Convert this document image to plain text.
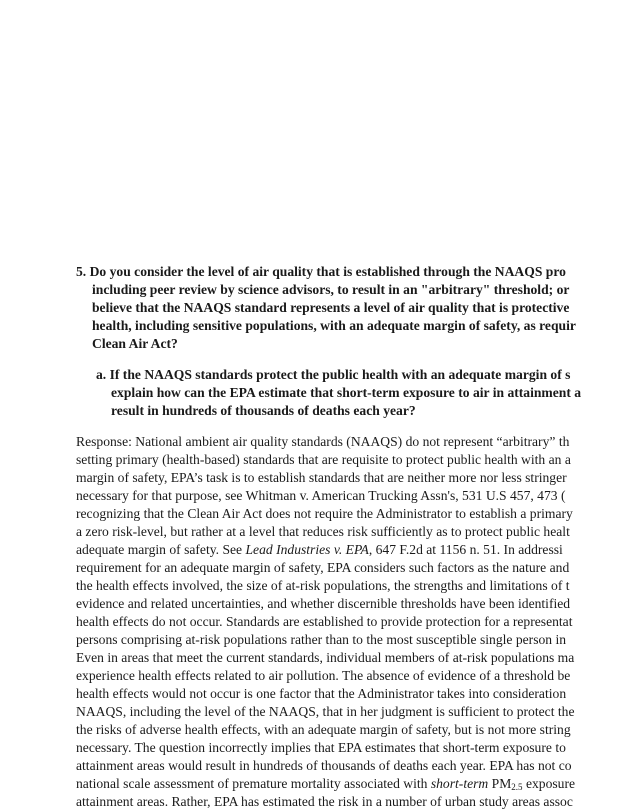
5. Do you consider the level of air quality that is established through the NAAQS pro
including peer review by science advisors, to result in an "arbitrary" threshold; or
believe that the NAAQS standard represents a level of air quality that is protective
health, including sensitive populations, with an adequate margin of safety, as requir
Clean Air Act?
a. If the NAAQS standards protect the public health with an adequate margin of s
explain how can the EPA estimate that short-term exposure to air in attainment a
result in hundreds of thousands of deaths each year?
Response: National ambient air quality standards (NAAQS) do not represent “arbitrary” th
setting primary (health-based) standards that are requisite to protect public health with an a
margin of safety, EPA’s task is to establish standards that are neither more nor less stringer
necessary for that purpose, see Whitman v. American Trucking Assn's, 531 U.S 457, 473 (
recognizing that the Clean Air Act does not require the Administrator to establish a primary
a zero risk-level, but rather at a level that reduces risk sufficiently as to protect public healt
adequate margin of safety. See Lead Industries v. EPA, 647 F.2d at 1156 n. 51. In addressi
requirement for an adequate margin of safety, EPA considers such factors as the nature and
the health effects involved, the size of at-risk populations, the strengths and limitations of t
evidence and related uncertainties, and whether discernible thresholds have been identified
health effects do not occur. Standards are established to provide protection for a representat
persons comprising at-risk populations rather than to the most susceptible single person in
Even in areas that meet the current standards, individual members of at-risk populations ma
experience health effects related to air pollution. The absence of evidence of a threshold be
health effects would not occur is one factor that the Administrator takes into consideration
NAAQS, including the level of the NAAQS, that in her judgment is sufficient to protect the
the risks of adverse health effects, with an adequate margin of safety, but is not more string
necessary. The question incorrectly implies that EPA estimates that short-term exposure to
attainment areas would result in hundreds of thousands of deaths each year. EPA has not co
national scale assessment of premature mortality associated with short-term $PM_{2.5}$ exposure
attainment areas. Rather, EPA has estimated the risk in a number of urban study areas assoc
